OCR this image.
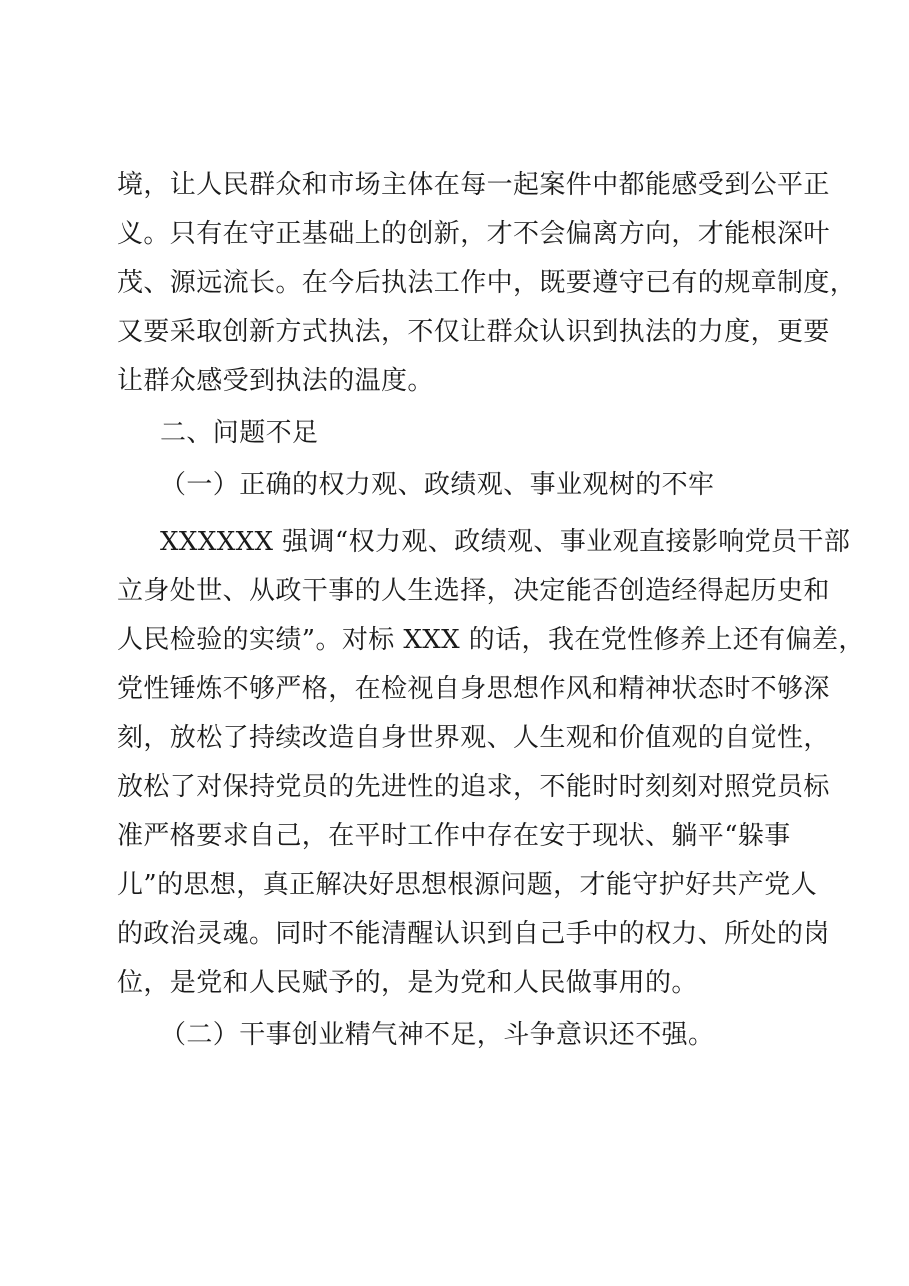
境，让人民群众和市场主体在每一起案件中都能感受到公平正
义。只有在守正基础上的创新，才不会偏离方向，才能根深叶
茂、源远流长。在今后执法工作中，既要遵守已有的规章制度，
又要采取创新方式执法，不仅让群众认识到执法的力度，更要
让群众感受到执法的温度。
二、问题不足
（一）正确的权力观、政绩观、事业观树的不牢
XXXXXX 强调“权力观、政绩观、事业观直接影响党员干部
立身处世、从政干事的人生选择，决定能否创造经得起历史和
人民检验的实绩”。对标 XXX 的话，我在党性修养上还有偏差，
党性锤炼不够严格，在检视自身思想作风和精神状态时不够深
刻，放松了持续改造自身世界观、人生观和价值观的自觉性，
放松了对保持党员的先进性的追求，不能时时刻刻对照党员标
准严格要求自己，在平时工作中存在安于现状、躺平“躲事
儿”的思想，真正解决好思想根源问题，才能守护好共产党人
的政治灵魂。同时不能清醒认识到自己手中的权力、所处的岗
位，是党和人民赋予的，是为党和人民做事用的。
（二）干事创业精气神不足，斗争意识还不强。
